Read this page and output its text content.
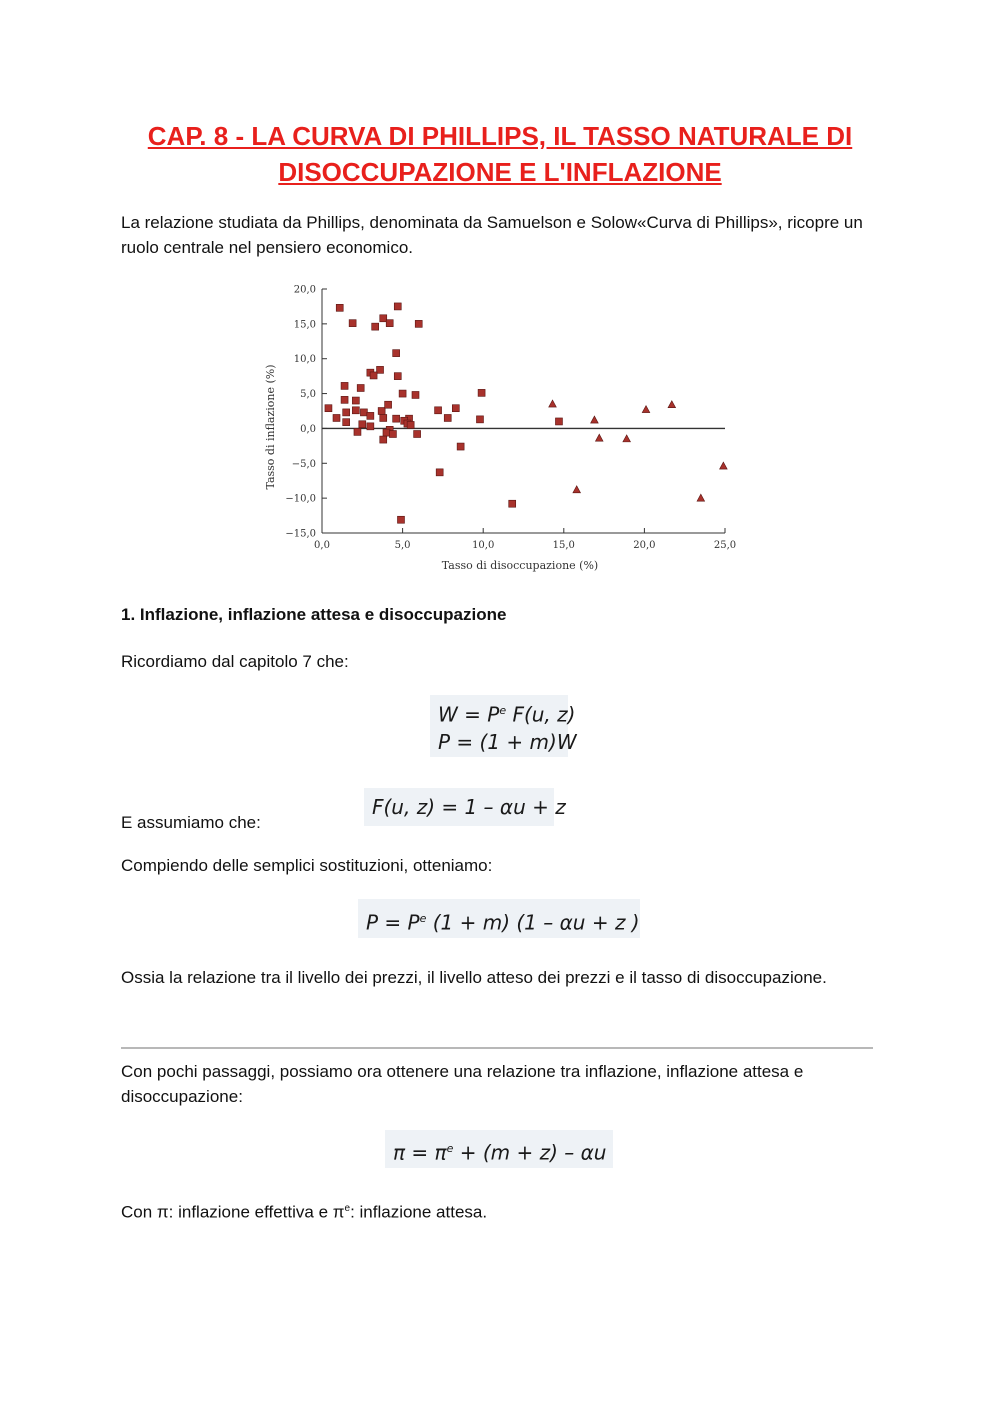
CAP. 8 - LA CURVA DI PHILLIPS, IL TASSO NATURALE DI
DISOCCUPAZIONE E L'INFLAZIONE

La relazione studiata da Phillips, denominata da Samuelson e Solow«Curva di Phillips», ricopre un ruolo centrale nel pensiero economico.

20,0
15,0
10,0
5,0
0,0
−5,0
−10,0
−15,0
0,0	5,0	10,0	15,0	20,0	25,0
Tasso di disoccupazione (%)
Tasso di inflazione (%)

1. Inflazione, inflazione attesa e disoccupazione

Ricordiamo dal capitolo 7 che:

$W = P^e$ F(u, z)
P = (1 + m)W
F(u, z) = 1 – αu + z

E assumiamo che:

Compiendo delle semplici sostituzioni, otteniamo:

$P = P^e$ (1 + m) (1 – αu + z )

Ossia la relazione tra il livello dei prezzi, il livello atteso dei prezzi e il tasso di disoccupazione.

Con pochi passaggi, possiamo ora ottenere una relazione tra inflazione, inflazione attesa e disoccupazione:

$\pi = \pi^e + (m + z) - \alpha u$

Con π: inflazione effettiva e $\pi^e$: inflazione attesa.
